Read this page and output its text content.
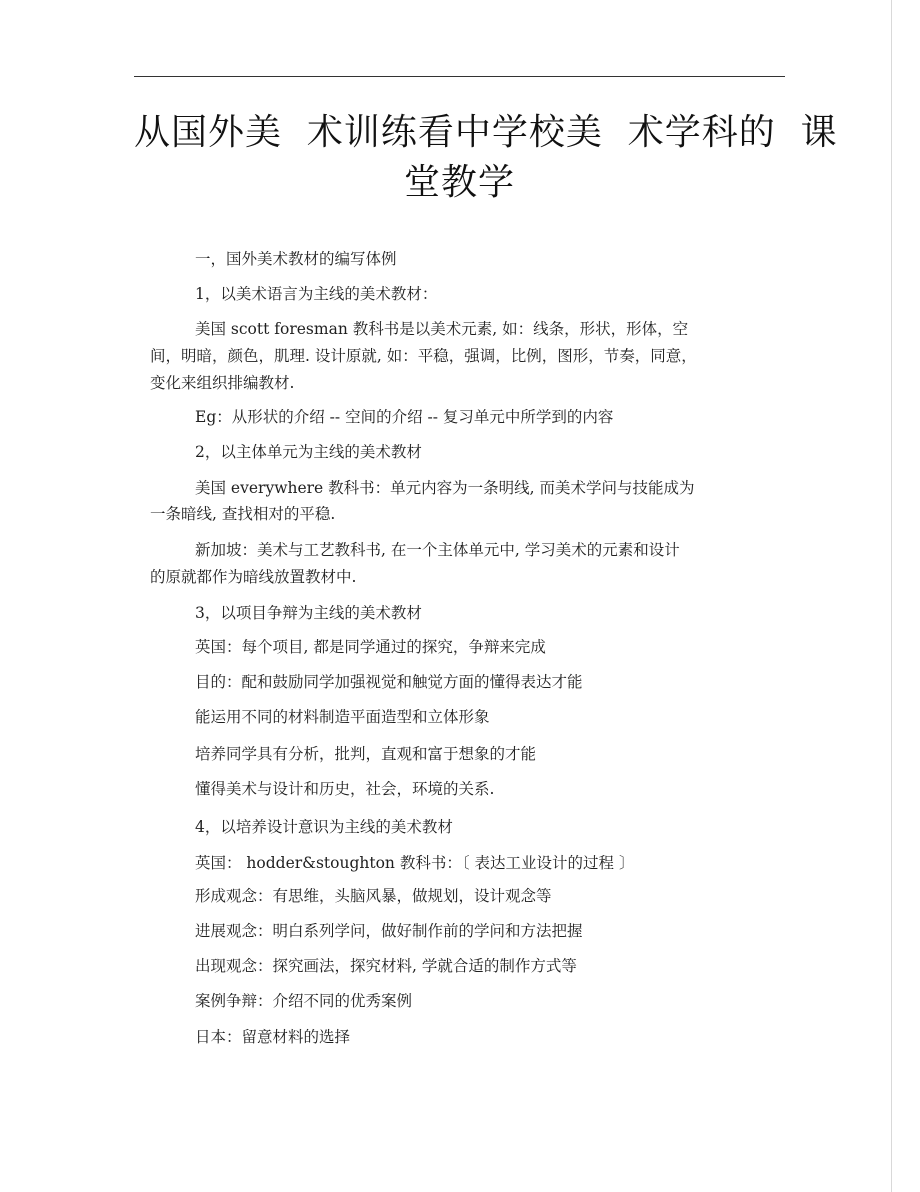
从国外美  术训练看中学校美  术学科的  课
堂教学
一，国外美术教材的编写体例
1，以美术语言为主线的美术教材：
美国 scott foresman 教科书是以美术元素, 如：线条，形状，形体，空
间，明暗，颜色，肌理. 设计原就, 如：平稳，强调，比例，图形，节奏，同意，
变化来组织排编教材.
Eg：从形状的介绍 -- 空间的介绍 -- 复习单元中所学到的内容
2，以主体单元为主线的美术教材
美国 everywhere 教科书：单元内容为一条明线, 而美术学问与技能成为
一条暗线, 查找相对的平稳.
新加坡：美术与工艺教科书, 在一个主体单元中, 学习美术的元素和设计
的原就都作为暗线放置教材中.
3，以项目争辩为主线的美术教材
英国：每个项目, 都是同学通过的探究，争辩来完成
目的：配和鼓励同学加强视觉和触觉方面的懂得表达才能
能运用不同的材料制造平面造型和立体形象
培养同学具有分析，批判，直观和富于想象的才能
懂得美术与设计和历史，社会，环境的关系.
4，以培养设计意识为主线的美术教材
英国： hodder&stoughton 教科书：〔 表达工业设计的过程 〕
形成观念：有思维，头脑风暴，做规划，设计观念等
进展观念：明白系列学问，做好制作前的学问和方法把握
出现观念：探究画法，探究材料, 学就合适的制作方式等
案例争辩：介绍不同的优秀案例
日本：留意材料的选择
